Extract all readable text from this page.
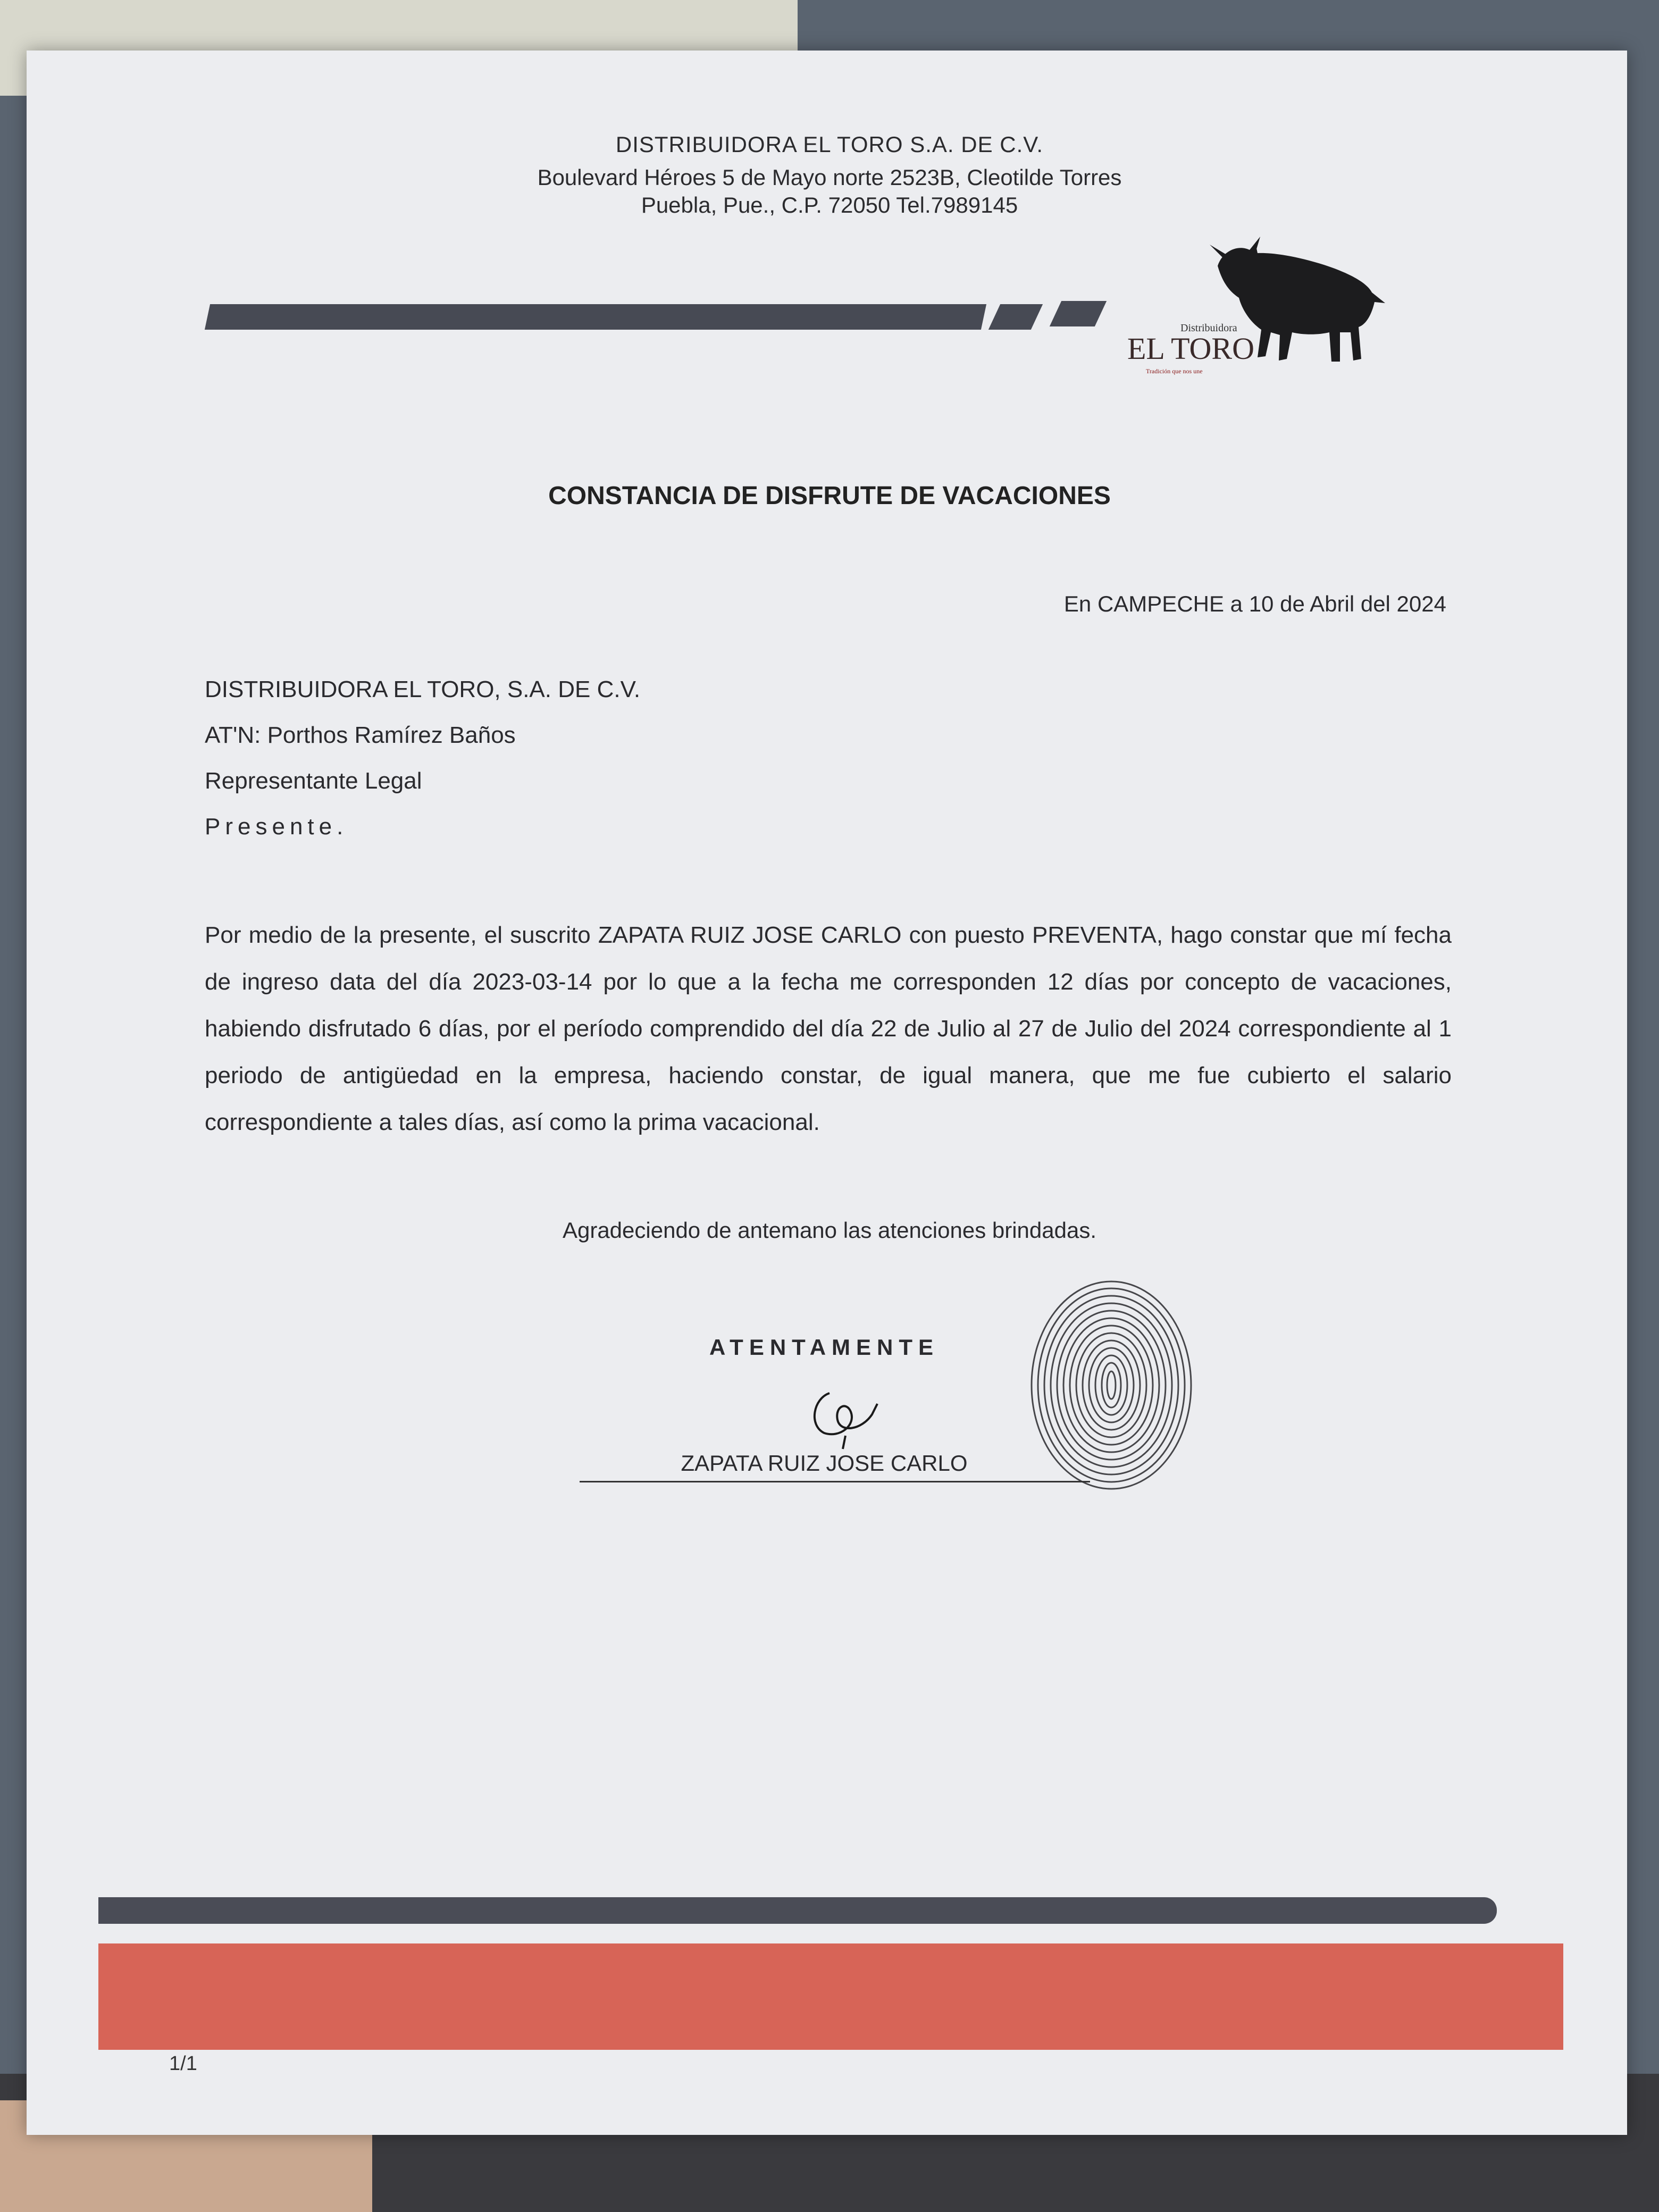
DISTRIBUIDORA EL TORO S.A. DE C.V.
Boulevard Héroes 5 de Mayo norte 2523B, Cleotilde Torres
Puebla, Pue., C.P. 72050 Tel.7989145
Distribuidora
EL TORO
Tradición que nos une
CONSTANCIA DE DISFRUTE DE VACACIONES
En CAMPECHE a 10 de Abril del 2024
DISTRIBUIDORA EL TORO, S.A. DE C.V.
AT'N: Porthos Ramírez Baños
Representante Legal
Presente.
Por medio de la presente, el suscrito ZAPATA RUIZ JOSE CARLO con puesto PREVENTA, hago constar que mí fecha de ingreso data del día 2023-03-14 por lo que a la fecha me corresponden 12 días por concepto de vacaciones, habiendo disfrutado 6 días, por el período comprendido del día 22 de Julio al 27 de Julio del 2024 correspondiente al 1 periodo de antigüedad en la empresa, haciendo constar, de igual manera, que me fue cubierto el salario correspondiente a tales días, así como la prima vacacional.
Agradeciendo de antemano las atenciones brindadas.
ATENTAMENTE
ZAPATA RUIZ JOSE CARLO
1/1
